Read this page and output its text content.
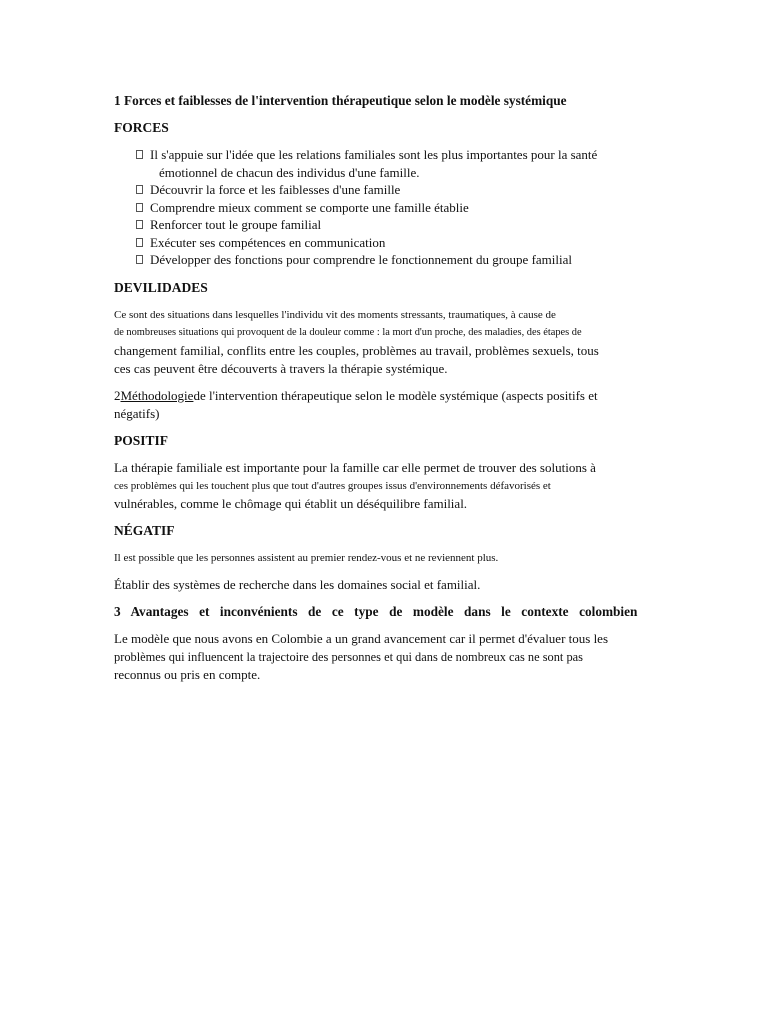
1 Forces et faiblesses de l'intervention thérapeutique selon le modèle systémique
FORCES
Il s'appuie sur l'idée que les relations familiales sont les plus importantes pour la santé
émotionnel de chacun des individus d'une famille.
Découvrir la force et les faiblesses d'une famille
Comprendre mieux comment se comporte une famille établie
Renforcer tout le groupe familial
Exécuter ses compétences en communication
Développer des fonctions pour comprendre le fonctionnement du groupe familial
DEVILIDADES
Ce sont des situations dans lesquelles l'individu vit des moments stressants, traumatiques, à cause de
de nombreuses situations qui provoquent de la douleur comme : la mort d'un proche, des maladies, des étapes de
changement familial, conflits entre les couples, problèmes au travail, problèmes sexuels, tous
ces cas peuvent être découverts à travers la thérapie systémique.
2Méthodologiede l'intervention thérapeutique selon le modèle systémique (aspects positifs et
négatifs)
POSITIF
La thérapie familiale est importante pour la famille car elle permet de trouver des solutions à
ces problèmes qui les touchent plus que tout d'autres groupes issus d'environnements défavorisés et
vulnérables, comme le chômage qui établit un déséquilibre familial.
NÉGATIF
Il est possible que les personnes assistent au premier rendez-vous et ne reviennent plus.
Établir des systèmes de recherche dans les domaines social et familial.
3 Avantages et inconvénients de ce type de modèle dans le contexte colombien
Le modèle que nous avons en Colombie a un grand avancement car il permet d'évaluer tous les
problèmes qui influencent la trajectoire des personnes et qui dans de nombreux cas ne sont pas
reconnus ou pris en compte.
